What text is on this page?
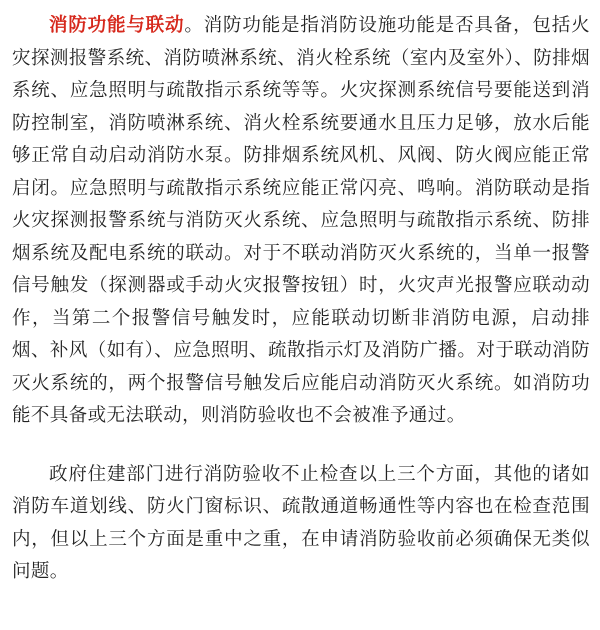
消防功能与联动。消防功能是指消防设施功能是否具备，包括火灾探测报警系统、消防喷淋系统、消火栓系统（室内及室外）、防排烟系统、应急照明与疏散指示系统等等。火灾探测系统信号要能送到消防控制室，消防喷淋系统、消火栓系统要通水且压力足够，放水后能够正常自动启动消防水泵。防排烟系统风机、风阀、防火阀应能正常启闭。应急照明与疏散指示系统应能正常闪亮、鸣响。消防联动是指火灾探测报警系统与消防灭火系统、应急照明与疏散指示系统、防排烟系统及配电系统的联动。对于不联动消防灭火系统的，当单一报警信号触发（探测器或手动火灾报警按钮）时，火灾声光报警应联动动作，当第二个报警信号触发时，应能联动切断非消防电源，启动排烟、补风（如有）、应急照明、疏散指示灯及消防广播。对于联动消防灭火系统的，两个报警信号触发后应能启动消防灭火系统。如消防功能不具备或无法联动，则消防验收也不会被准予通过。

政府住建部门进行消防验收不止检查以上三个方面，其他的诸如消防车道划线、防火门窗标识、疏散通道畅通性等内容也在检查范围内，但以上三个方面是重中之重，在申请消防验收前必须确保无类似问题。
